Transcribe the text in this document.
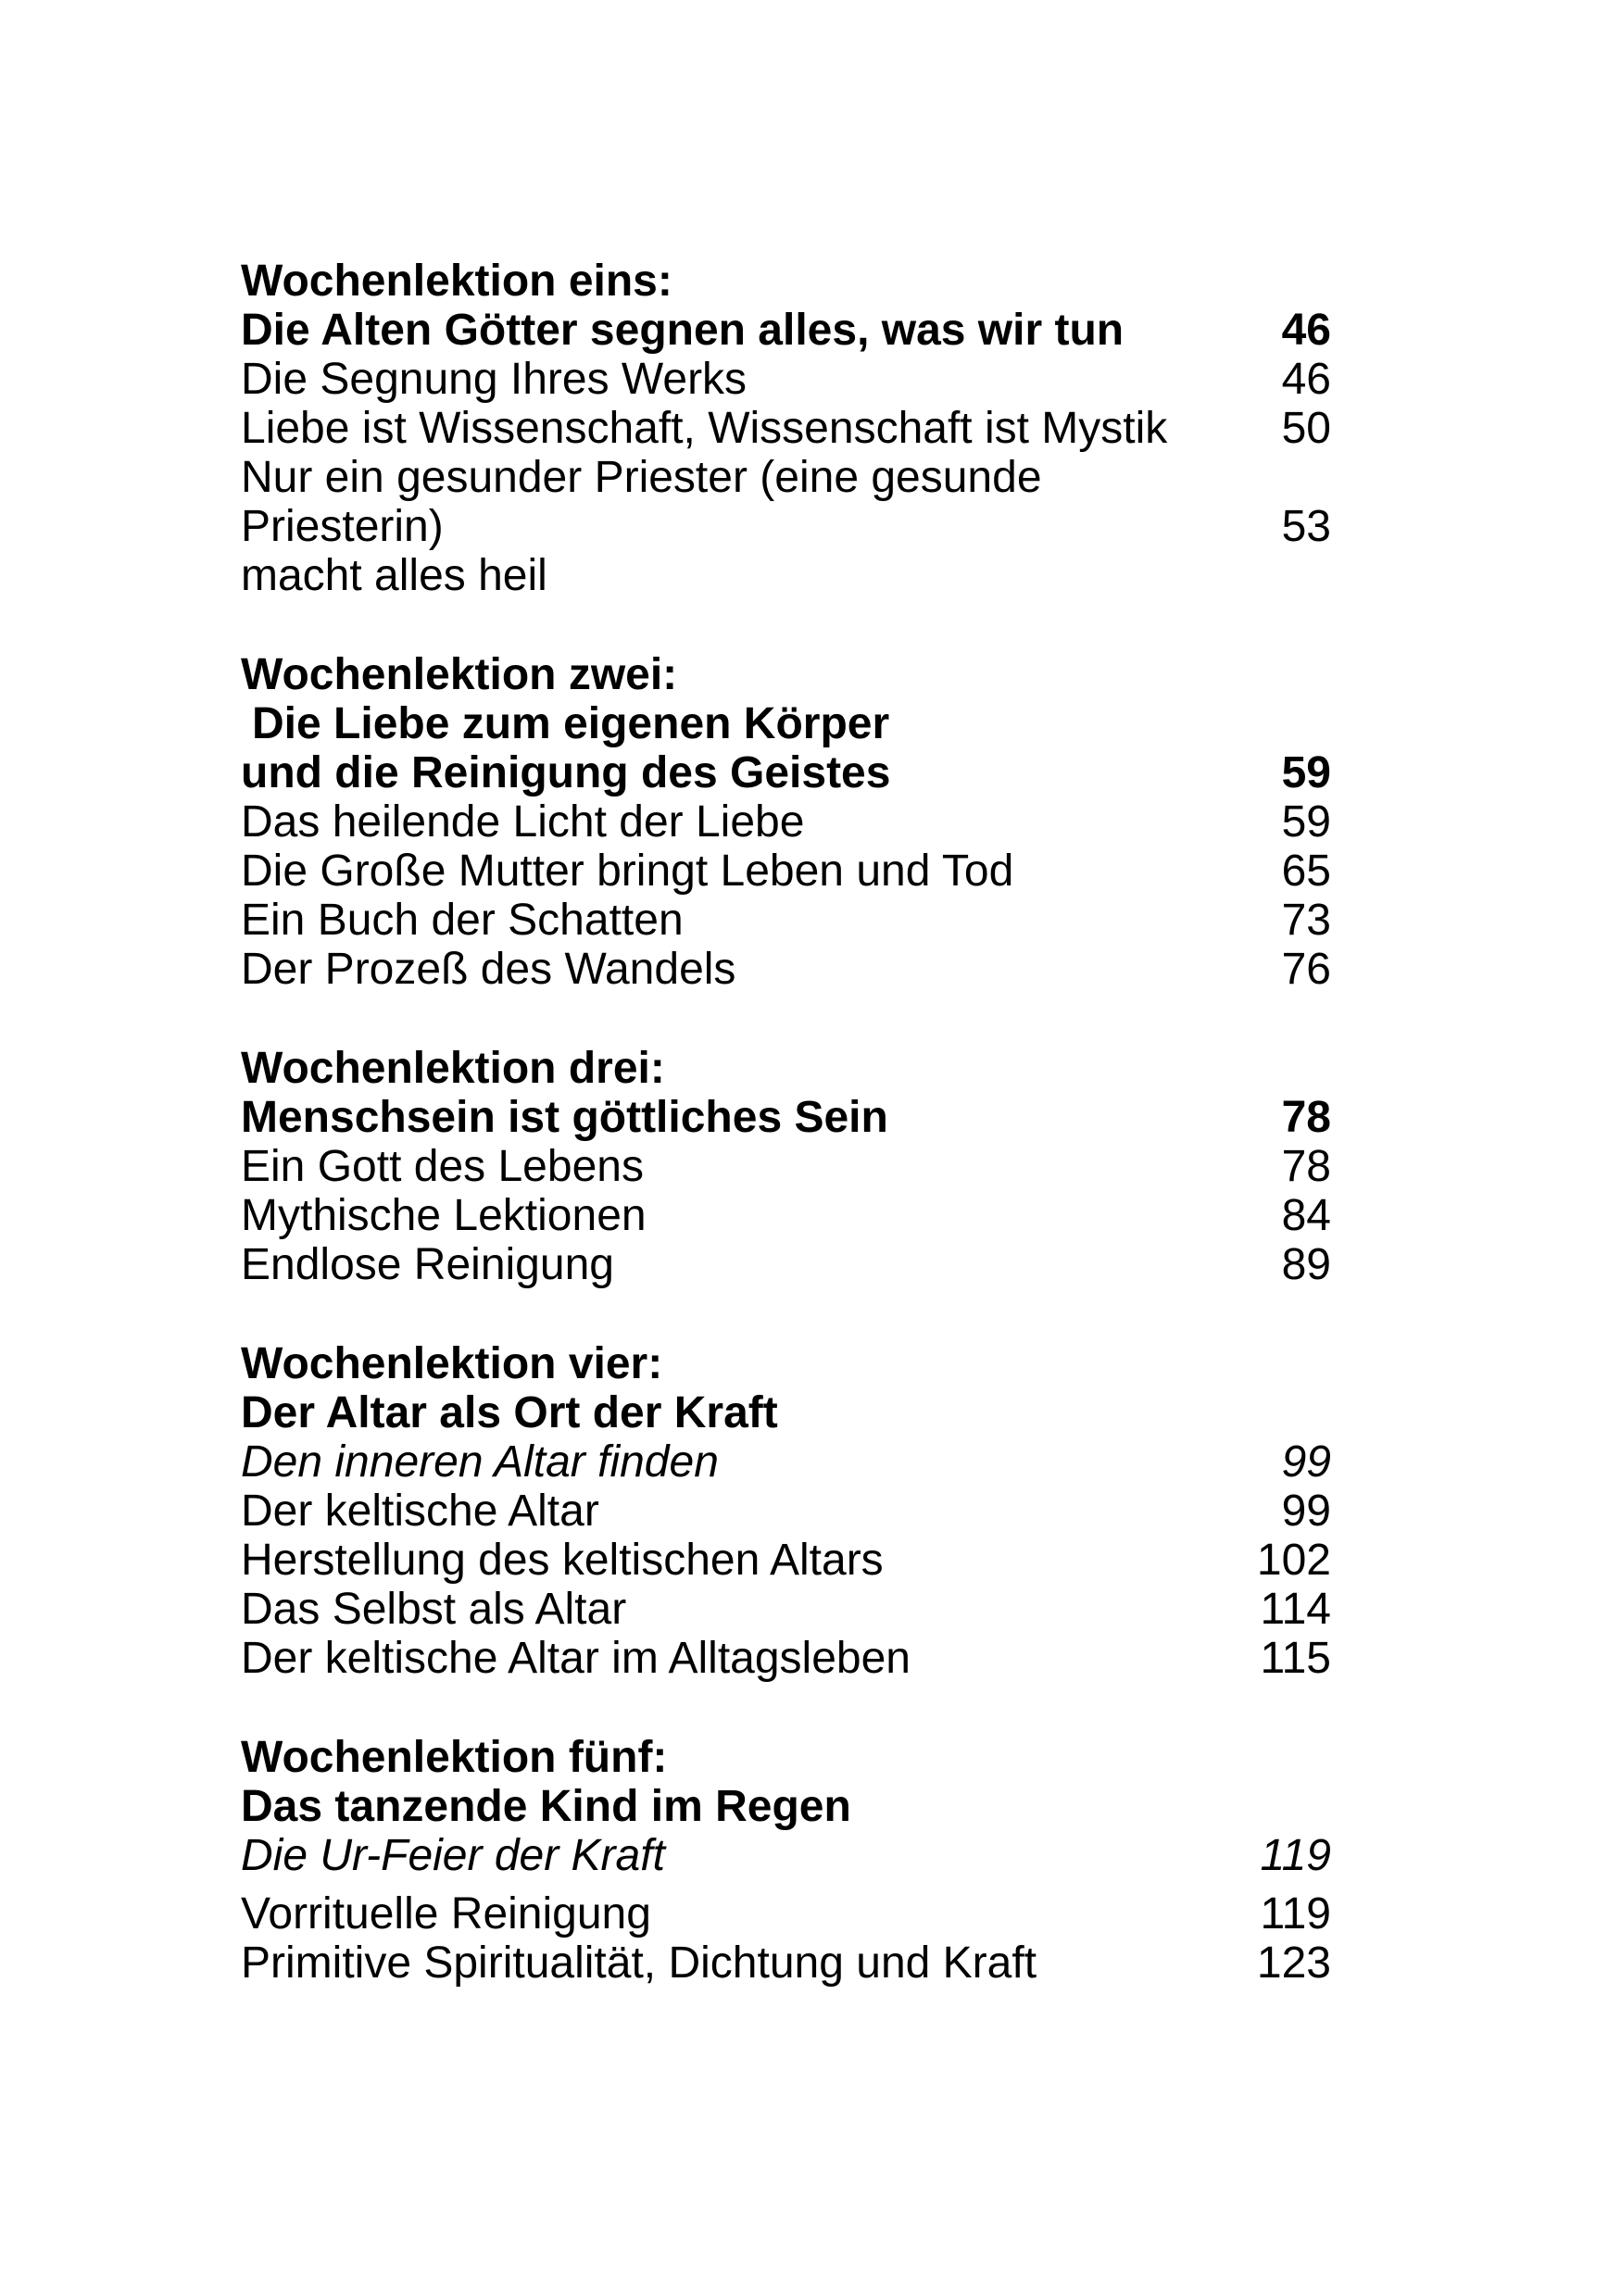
Wochenlektion eins:
Die Alten Götter segnen alles, was wir tun	46
Die Segnung Ihres Werks	46
Liebe ist Wissenschaft, Wissenschaft ist Mystik	50
Nur ein gesunder Priester (eine gesunde
Priesterin)	53
macht alles heil
Wochenlektion zwei:
Die Liebe zum eigenen Körper
und die Reinigung des Geistes	59
Das heilende Licht der Liebe	59
Die Große Mutter bringt Leben und Tod	65
Ein Buch der Schatten	73
Der Prozeß des Wandels	76
Wochenlektion drei:
Menschsein ist göttliches Sein	78
Ein Gott des Lebens	78
Mythische Lektionen	84
Endlose Reinigung	89
Wochenlektion vier:
Der Altar als Ort der Kraft
Den inneren Altar finden	99
Der keltische Altar	99
Herstellung des keltischen Altars	102
Das Selbst als Altar	114
Der keltische Altar im Alltagsleben	115
Wochenlektion fünf:
Das tanzende Kind im Regen
Die Ur-Feier der Kraft	119
Vorrituelle Reinigung	119
Primitive Spiritualität, Dichtung und Kraft	123
